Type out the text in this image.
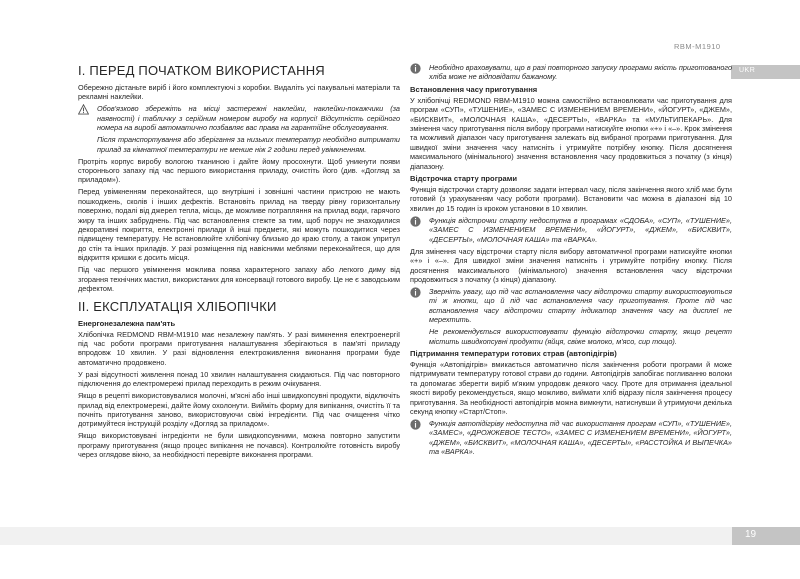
RBM-M1910
UKR
I. ПЕРЕД ПОЧАТКОМ ВИКОРИСТАННЯ

Обережно дістаньте виріб і його комплектуючі з коробки. Видаліть усі пакувальні матеріали та рекламні наклейки.

Обов'язково збережіть на місці застережні наклейки, наклейки-покажчики (за наявності) і табличку з серійним номером виробу на корпусі! Відсутність серійного номера на виробі автоматично позбавляє вас права на гарантійне обслуговування.

Після транспортування або зберігання за низьких температур необхідно витримати прилад за кімнатної температури не менше ніж 2 години перед увімкненням.

Протріть корпус виробу вологою тканиною і дайте йому просохнути. Щоб уникнути появи стороннього запаху під час першого використання приладу, очистіть його (див. «Догляд за приладом»).

Перед увімкненням переконайтеся, що внутрішні і зовнішні частини пристрою не мають пошкоджень, сколів і інших дефектів. Встановіть прилад на тверду рівну горизонтальну поверхню, подалі від джерел тепла, місць, де можливе потрапляння на прилад води, гарячого жиру та інших забруднень. Під час встановлення стежте за тим, щоб поруч не знаходилися декоративні покриття, електронні прилади й інші предмети, які можуть пошкодитися через підвищену температуру. Не встановлюйте хлібопічку близько до краю столу, а також упритул до стін та інших приладів. У разі розміщення під навісними меблями переконайтеся, що для відкриття кришки є досить місця.

Під час першого увімкнення можлива поява характерного запаху або легкого диму від згорання технічних мастил, використаних для консервації готового виробу. Це не є заводським дефектом.

II. ЕКСПЛУАТАЦІЯ ХЛІБОПІЧКИ
Енергонезалежна пам'ять

Хлібопічка REDMOND RBM-M1910 має незалежну пам'ять. У разі вимкнення електроенергії під час роботи програми приготування налаштування зберігаються в пам'яті приладу впродовж 10 хвилин. У разі відновлення електроживлення виконання програми буде автоматично продовжено.

У разі відсутності живлення понад 10 хвилин налаштування скидаються. Під час повторного підключення до електромережі прилад переходить в режим очікування.

Якщо в рецепті використовувалися молочні, м'ясні або інші швидкопсувні продукти, відключіть прилад від електромережі, дайте йому охолонути. Вийміть форму для випікання, очистіть її та почніть приготування заново, використовуючи свіжі інгредієнти. Під час очищення чітко дотримуйтеся інструкцій розділу «Догляд за приладом».

Якщо використовувані інгредієнти не були швидкопсувними, можна повторно запустити програму приготування (якщо процес випікання не почався). Контролюйте готовність виробу через оглядове вікно, за необхідності перевірте виконання програми.

Необхідно враховувати, що в разі повторного запуску програми якість приготованого хліба може не відповідати бажаному.

Встановлення часу приготування

У хлібопічці REDMOND RBM-M1910 можна самостійно встановлювати час приготування для програм «СУП», «ТУШЕНИЕ», «ЗАМЕС С ИЗМЕНЕНИЕМ ВРЕМЕНИ», «ЙОГУРТ», «ДЖЕМ», «БИСКВИТ», «МОЛОЧНАЯ КАША», «ДЕСЕРТЫ», «ВАРКА» та «МУЛЬТИПЕКАРЬ». Для змінення часу приготування після вибору програми натискуйте кнопки «+» і «–». Крок змінення та можливий діапазон часу приготування залежать від вибраної програми приготування. Для швидкої зміни значення часу натисніть і утримуйте потрібну кнопку. Після досягнення максимального (мінімального) значення встановлення часу продовжиться з початку (з кінця) діапазону.

Відстрочка старту програми

Функція відстрочки старту дозволяє задати інтервал часу, після закінчення якого хліб має бути готовий (з урахуванням часу роботи програми). Встановити час можна в діапазоні від 10 хвилин до 15 годин із кроком установки в 10 хвилин.

Функція відстрочки старту недоступна в програмах «СДОБА», «СУП», «ТУШЕНИЕ», «ЗАМЕС С ИЗМЕНЕНИЕМ ВРЕМЕНИ», «ЙОГУРТ», «ДЖЕМ», «БИСКВИТ», «ДЕСЕРТЫ», «МОЛОЧНАЯ КАША» та «ВАРКА».

Для змінення часу відстрочки старту після вибору автоматичної програми натискуйте кнопки «+» і «–». Для швидкої зміни значення натисніть і утримуйте потрібну кнопку. Після досягнення максимального (мінімального) значення встановлення часу відстрочки продовжиться з початку (з кінця) діапазону.

Зверніть увагу, що під час встановлення часу відстрочки старту використовуються ті ж кнопки, що й під час встановлення часу приготування. Проте під час встановлення часу відстрочки старту індикатор значення часу на дисплеї не мерехтить.

Не рекомендується використовувати функцію відстрочки старту, якщо рецепт містить швидкопсувні продукти (яйця, свіже молоко, м'ясо, сир тощо).

Підтримання температури готових страв (автопідігрів)

Функція «Автопідігрів» вмикається автоматично після закінчення роботи програми й може підтримувати температуру готової страви до години. Автопідігрів запобігає погливанню волоки та допомагає зберегти виріб м'яким упродовж деякого часу. Проте для отримання ідеальної якості виробу рекомендується, якщо можливо, виймати хліб відразу після закінчення процесу приготування. За необхідності автопідігрів можна вимкнути, натиснувши й утримуючи декілька секунд кнопку «Старт/Стоп».

Функція автопідігріву недоступна під час використання програм «СУП», «ТУШЕНИЕ», «ЗАМЕС», «ДРОЖЖЕВОЕ ТЕСТО», «ЗАМЕС С ИЗМЕНЕНИЕМ ВРЕМЕНИ», «ЙОГУРТ», «ДЖЕМ», «БИСКВИТ», «МОЛОЧНАЯ КАША», «ДЕСЕРТЫ», «РАССТОЙКА И ВЫПЕЧКА» та «ВАРКА».

19
